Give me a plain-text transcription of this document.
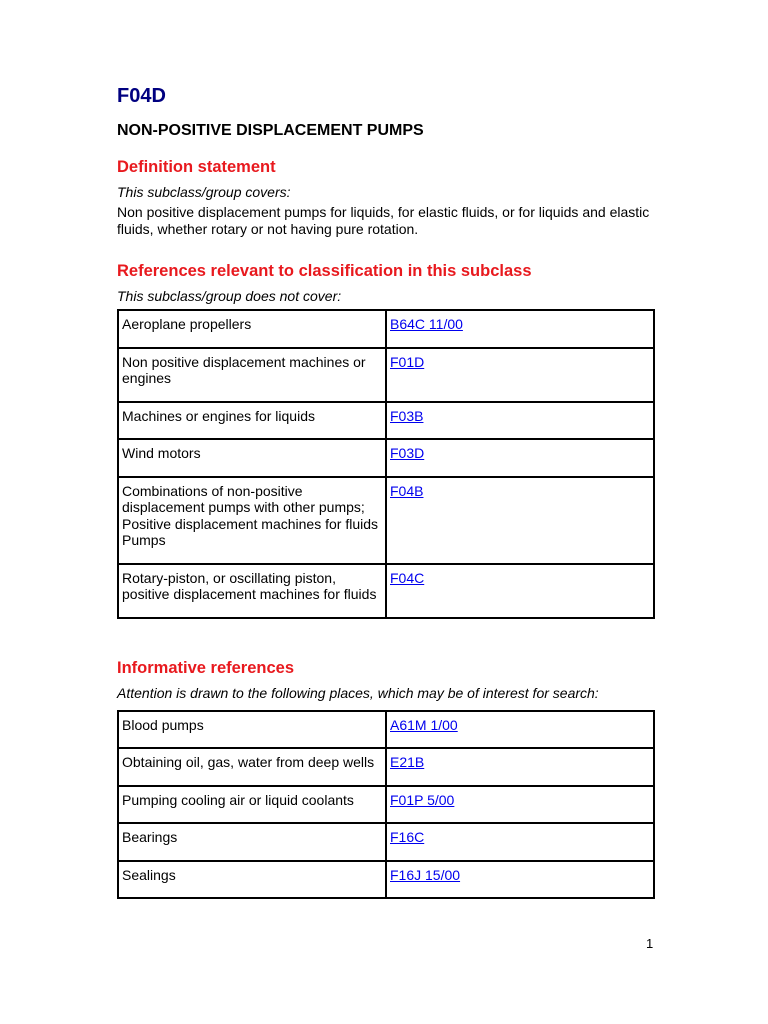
F04D
NON-POSITIVE DISPLACEMENT PUMPS
Definition statement
This subclass/group covers:

Non positive displacement pumps for liquids, for elastic fluids, or for liquids and elastic fluids, whether rotary or not having pure rotation.

References relevant to classification in this subclass
This subclass/group does not cover:
Aeroplane propellers	B64C 11/00
Non positive displacement machines or engines	F01D
Machines or engines for liquids	F03B
Wind motors	F03D
Combinations of non-positive displacement pumps with other pumps; Positive displacement machines for fluids Pumps	F04B
Rotary-piston, or oscillating piston, positive displacement machines for fluids	F04C
Informative references
Attention is drawn to the following places, which may be of interest for search:
Blood pumps	A61M 1/00
Obtaining oil, gas, water from deep wells	E21B
Pumping cooling air or liquid coolants	F01P 5/00
Bearings	F16C
Sealings	F16J 15/00
1
